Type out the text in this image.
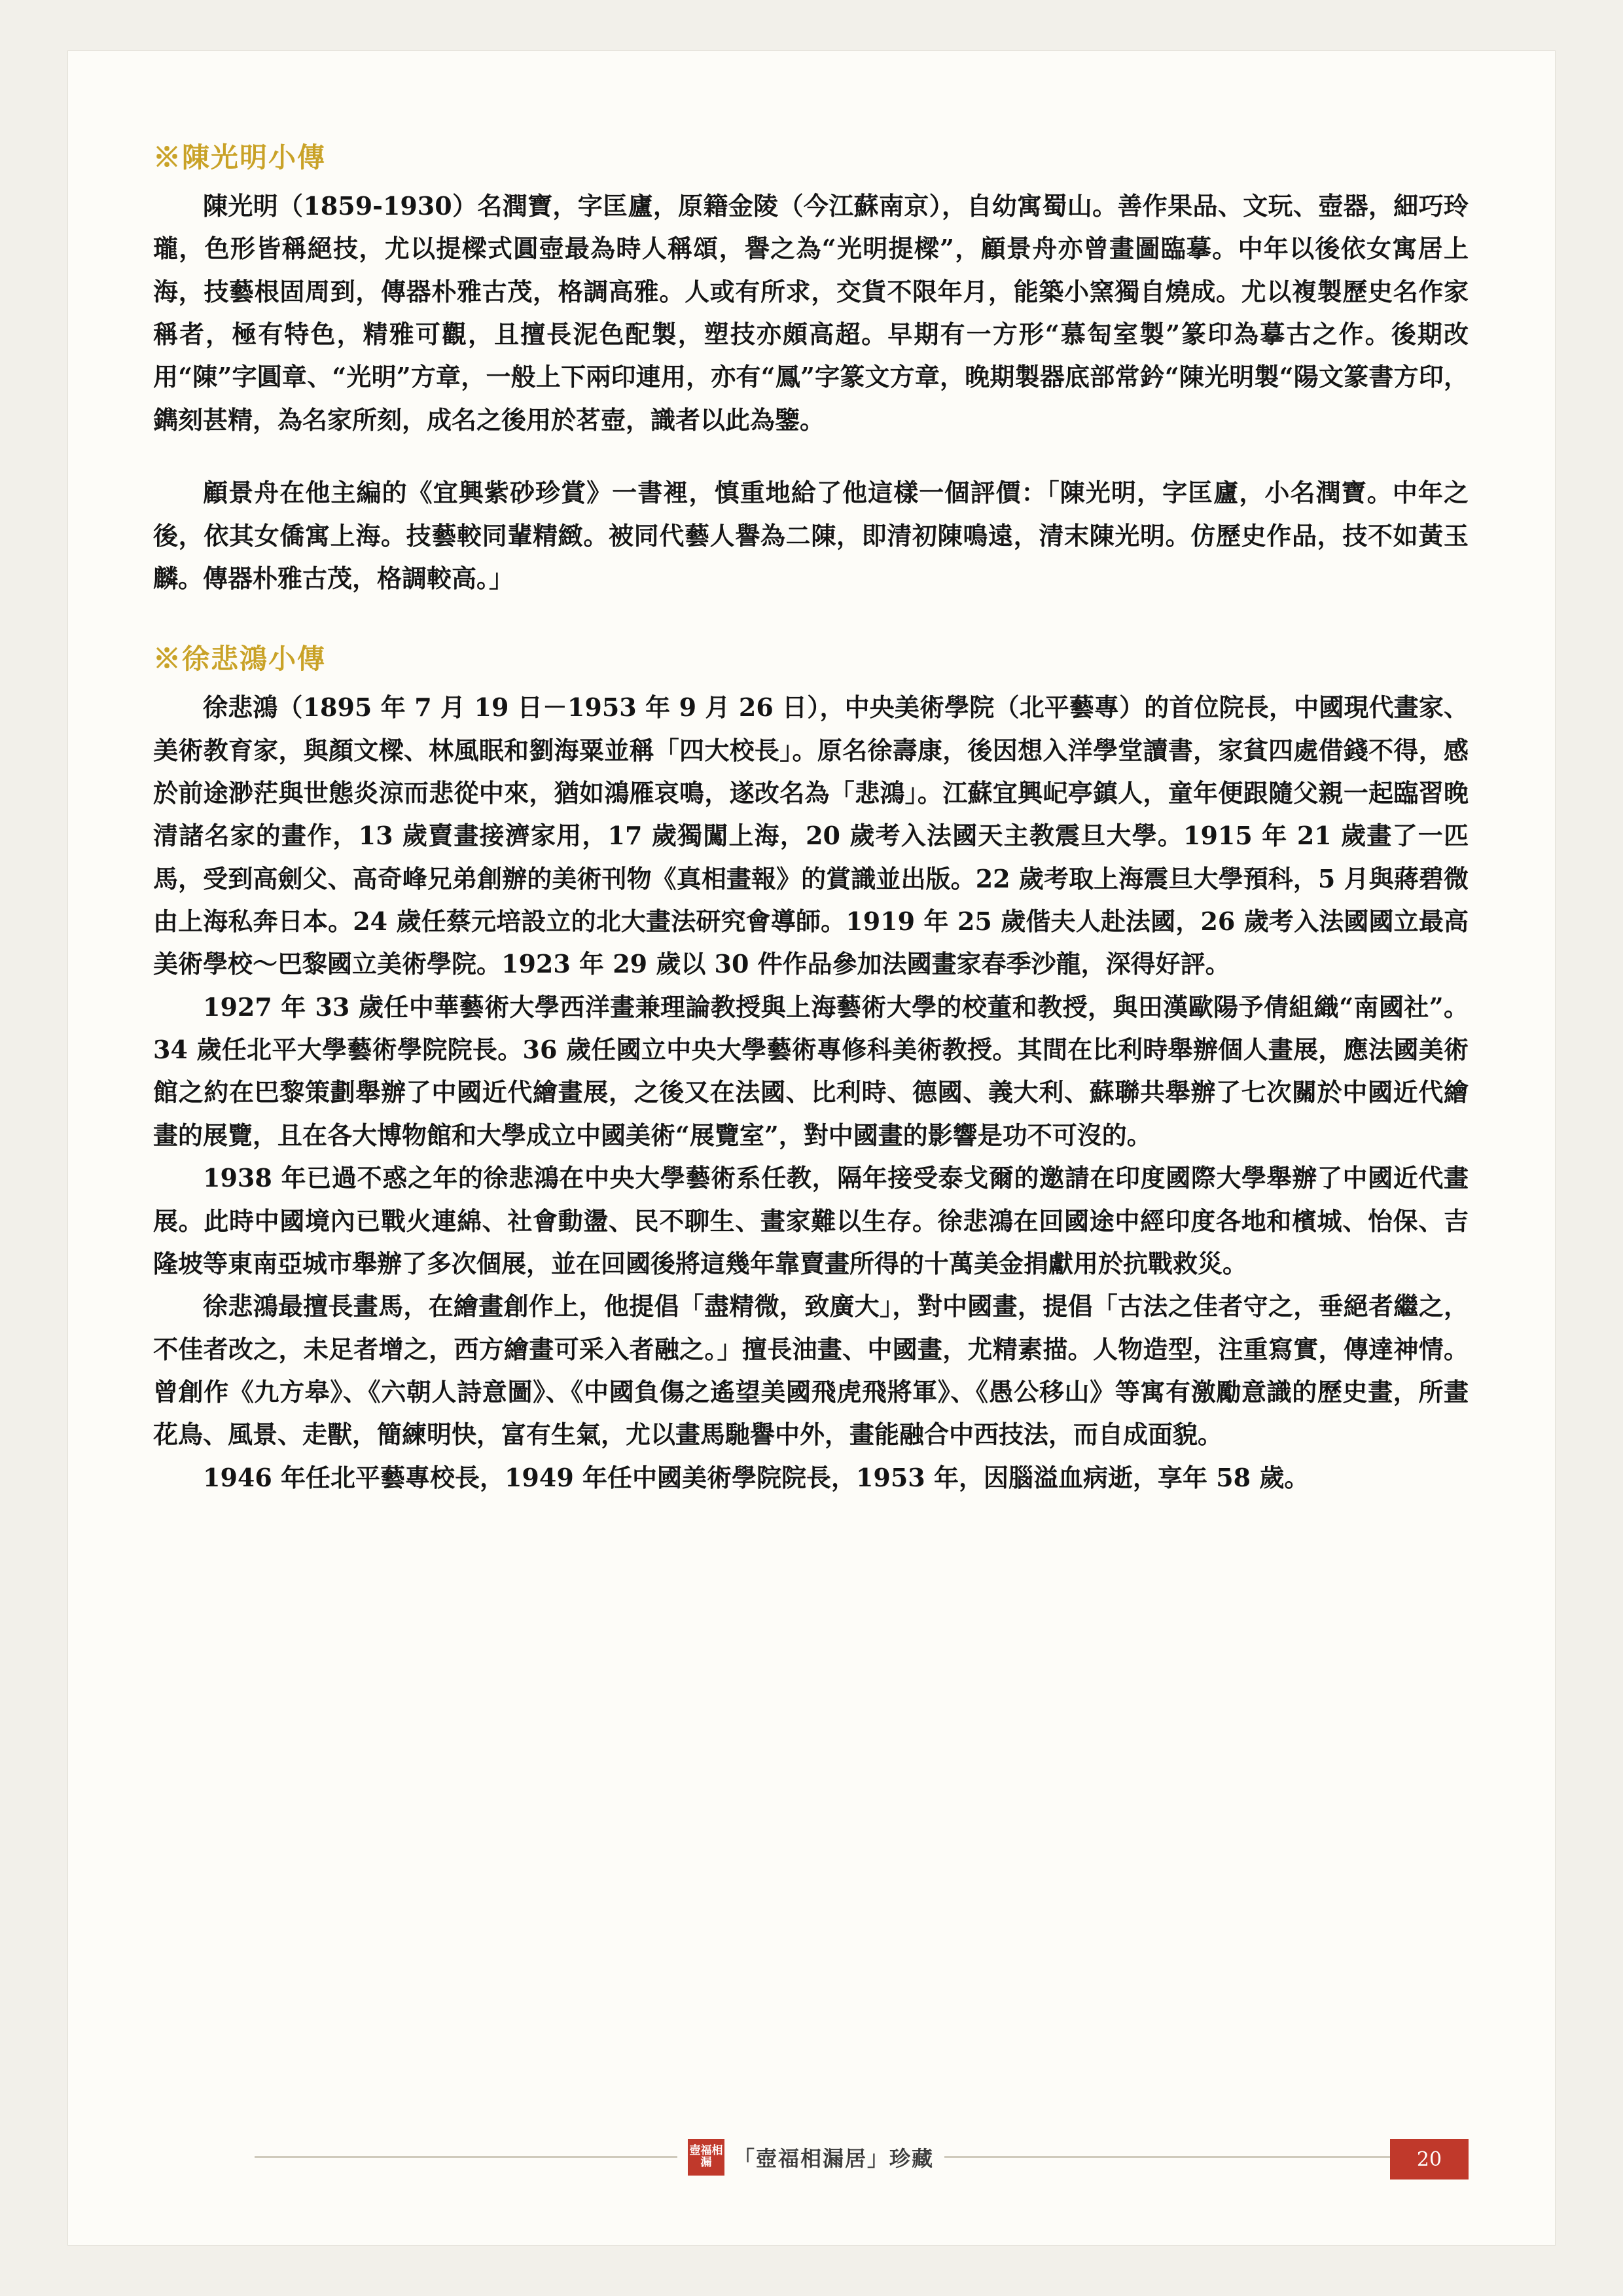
※陳光明小傳

陳光明（1859-1930）名潤寶，字匡廬，原籍金陵（今江蘇南京），自幼寓蜀山。善作果品、文玩、壺器，細巧玲瓏，色形皆稱絕技，尤以提樑式圓壺最為時人稱頌，譽之為“光明提樑”，顧景舟亦曾畫圖臨摹。中年以後依女寓居上海，技藝根固周到，傳器朴雅古茂，格調高雅。人或有所求，交貨不限年月，能築小窯獨自燒成。尤以複製歷史名作家稱者，極有特色，精雅可觀，且擅長泥色配製，塑技亦頗高超。早期有一方形“慕匋室製”篆印為摹古之作。後期改用“陳”字圓章、“光明”方章，一般上下兩印連用，亦有“鳳”字篆文方章，晚期製器底部常鈐“陳光明製“陽文篆書方印，鐫刻甚精，為名家所刻，成名之後用於茗壺，識者以此為鑒。

顧景舟在他主編的《宜興紫砂珍賞》一書裡，慎重地給了他這樣一個評價：「陳光明，字匡廬，小名潤寶。中年之後，依其女僑寓上海。技藝較同輩精緻。被同代藝人譽為二陳，即清初陳鳴遠，清末陳光明。仿歷史作品，技不如黃玉麟。傳器朴雅古茂，格調較高。」

※徐悲鴻小傳

徐悲鴻（1895 年 7 月 19 日－1953 年 9 月 26 日），中央美術學院（北平藝專）的首位院長，中國現代畫家、美術教育家，與顏文樑、林風眠和劉海粟並稱「四大校長」。原名徐壽康，後因想入洋學堂讀書，家貧四處借錢不得，感於前途渺茫與世態炎涼而悲從中來，猶如鴻雁哀鳴，遂改名為「悲鴻」。江蘇宜興屺亭鎮人，童年便跟隨父親一起臨習晚清諸名家的畫作，13 歲賣畫接濟家用，17 歲獨闖上海，20 歲考入法國天主教震旦大學。1915 年 21 歲畫了一匹馬，受到高劍父、高奇峰兄弟創辦的美術刊物《真相畫報》的賞識並出版。22 歲考取上海震旦大學預科，5 月與蔣碧微由上海私奔日本。24 歲任蔡元培設立的北大畫法研究會導師。1919 年 25 歲偕夫人赴法國，26 歲考入法國國立最高美術學校～巴黎國立美術學院。1923 年 29 歲以 30 件作品參加法國畫家春季沙龍，深得好評。

1927 年 33 歲任中華藝術大學西洋畫兼理論教授與上海藝術大學的校董和教授，與田漢歐陽予倩組織“南國社”。34 歲任北平大學藝術學院院長。36 歲任國立中央大學藝術專修科美術教授。其間在比利時舉辦個人畫展，應法國美術館之約在巴黎策劃舉辦了中國近代繪畫展，之後又在法國、比利時、德國、義大利、蘇聯共舉辦了七次關於中國近代繪畫的展覽，且在各大博物館和大學成立中國美術“展覽室”，對中國畫的影響是功不可沒的。

1938 年已過不惑之年的徐悲鴻在中央大學藝術系任教，隔年接受泰戈爾的邀請在印度國際大學舉辦了中國近代畫展。此時中國境內已戰火連綿、社會動盪、民不聊生、畫家難以生存。徐悲鴻在回國途中經印度各地和檳城、怡保、吉隆坡等東南亞城市舉辦了多次個展，並在回國後將這幾年靠賣畫所得的十萬美金捐獻用於抗戰救災。

徐悲鴻最擅長畫馬，在繪畫創作上，他提倡「盡精微，致廣大」，對中國畫，提倡「古法之佳者守之，垂絕者繼之，不佳者改之，未足者增之，西方繪畫可采入者融之。」擅長油畫、中國畫，尤精素描。人物造型，注重寫實，傳達神情。曾創作《九方皋》、《六朝人詩意圖》、《中國負傷之遙望美國飛虎飛將軍》、《愚公移山》等寓有激勵意識的歷史畫，所畫花鳥、風景、走獸，簡練明快，富有生氣，尤以畫馬馳譽中外，畫能融合中西技法，而自成面貌。

1946 年任北平藝專校長，1949 年任中國美術學院院長，1953 年，因腦溢血病逝，享年 58 歲。

壺福相漏	「壺福相漏居」珍藏	20
